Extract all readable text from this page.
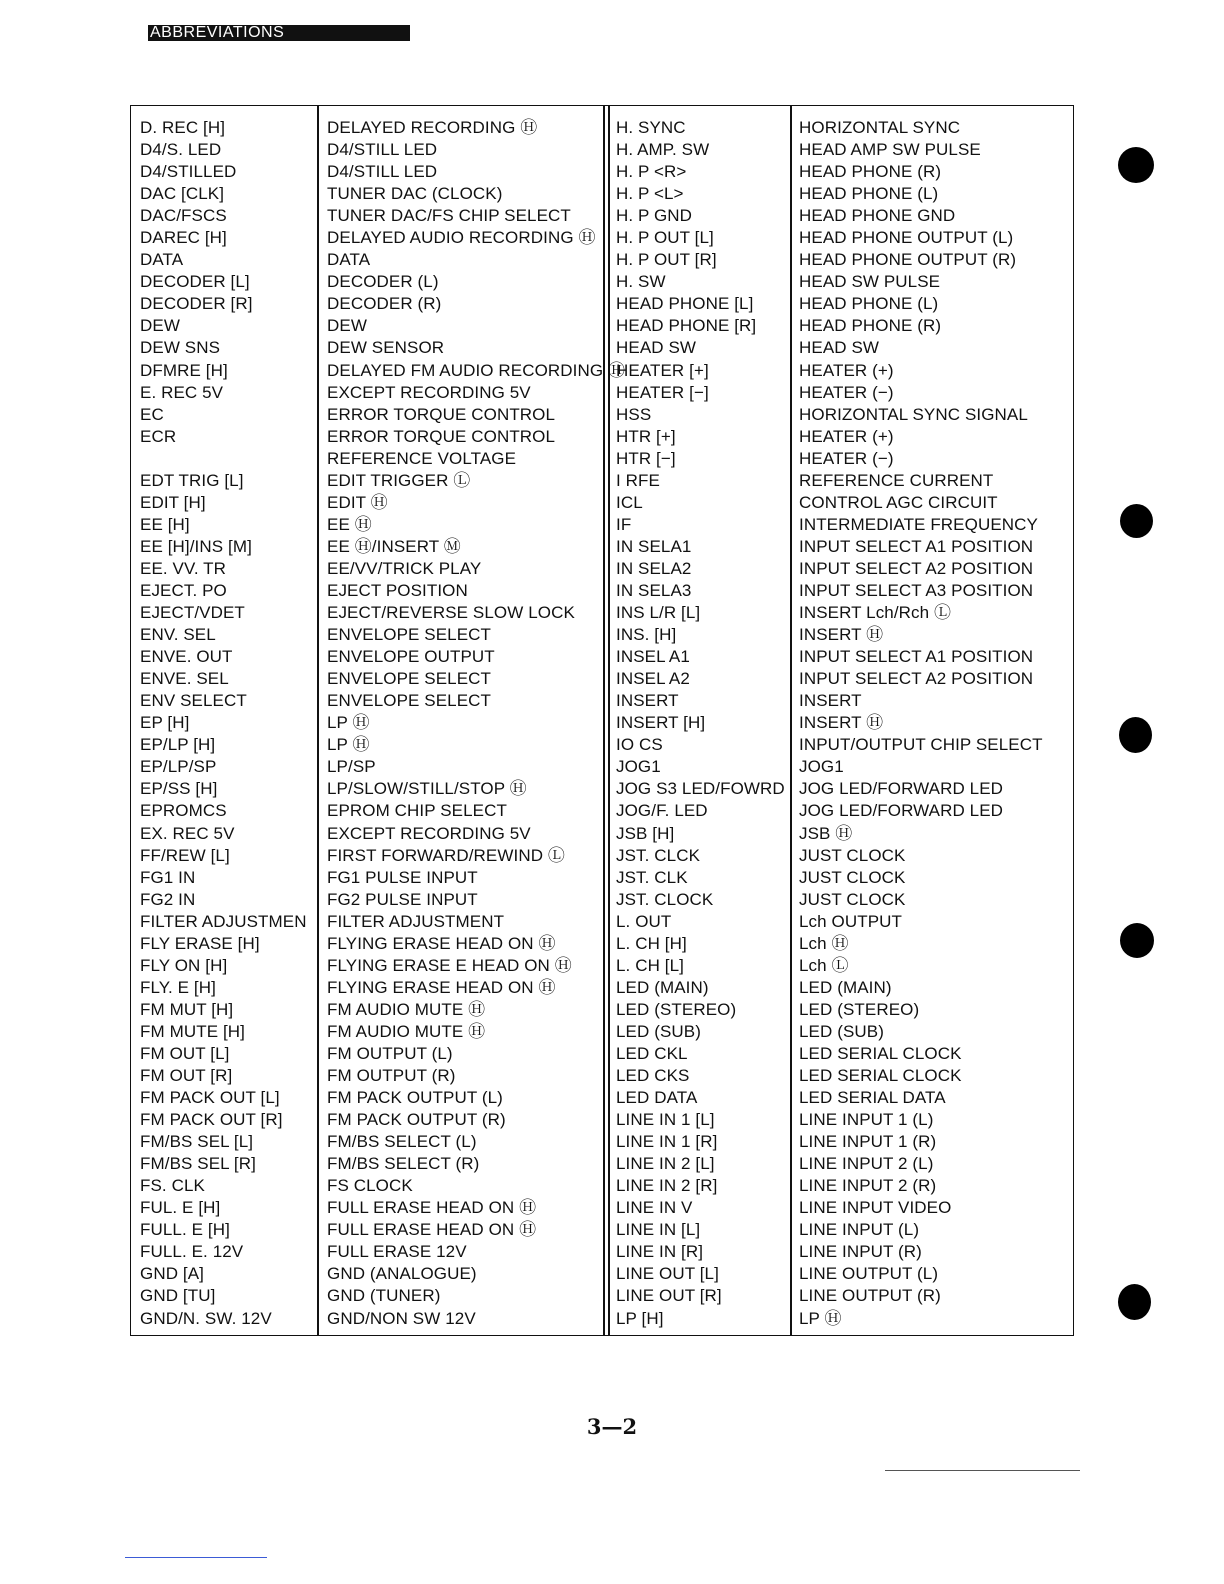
ABBREVIATIONS
D. REC [H]
D4/S. LED
D4/STILLED
DAC [CLK]
DAC/FSCS
DAREC [H]
DATA
DECODER [L]
DECODER [R]
DEW
DEW SNS
DFMRE [H]
E. REC 5V
EC
ECR
EDT TRIG [L]
EDIT [H]
EE [H]
EE [H]/INS [M]
EE. VV. TR
EJECT. PO
EJECT/VDET
ENV. SEL
ENVE. OUT
ENVE. SEL
ENV SELECT
EP [H]
EP/LP [H]
EP/LP/SP
EP/SS [H]
EPROMCS
EX. REC 5V
FF/REW [L]
FG1 IN
FG2 IN
FILTER ADJUSTMEN
FLY ERASE [H]
FLY ON [H]
FLY. E [H]
FM MUT [H]
FM MUTE [H]
FM OUT [L]
FM OUT [R]
FM PACK OUT [L]
FM PACK OUT [R]
FM/BS SEL [L]
FM/BS SEL [R]
FS. CLK
FUL. E [H]
FULL. E [H]
FULL. E. 12V
GND [A]
GND [TU]
GND/N. SW. 12V
DELAYED RECORDING Ⓗ
D4/STILL LED
D4/STILL LED
TUNER DAC (CLOCK)
TUNER DAC/FS CHIP SELECT
DELAYED AUDIO RECORDING Ⓗ
DATA
DECODER (L)
DECODER (R)
DEW
DEW SENSOR
DELAYED FM AUDIO RECORDING Ⓗ
EXCEPT RECORDING 5V
ERROR TORQUE CONTROL
ERROR TORQUE CONTROL
REFERENCE VOLTAGE
EDIT TRIGGER Ⓛ
EDIT Ⓗ
EE Ⓗ
EE Ⓗ/INSERT Ⓜ
EE/VV/TRICK PLAY
EJECT POSITION
EJECT/REVERSE SLOW LOCK
ENVELOPE SELECT
ENVELOPE OUTPUT
ENVELOPE SELECT
ENVELOPE SELECT
LP Ⓗ
LP Ⓗ
LP/SP
LP/SLOW/STILL/STOP Ⓗ
EPROM CHIP SELECT
EXCEPT RECORDING 5V
FIRST FORWARD/REWIND Ⓛ
FG1 PULSE INPUT
FG2 PULSE INPUT
FILTER ADJUSTMENT
FLYING ERASE HEAD ON Ⓗ
FLYING ERASE E HEAD ON Ⓗ
FLYING ERASE HEAD ON Ⓗ
FM AUDIO MUTE Ⓗ
FM AUDIO MUTE Ⓗ
FM OUTPUT (L)
FM OUTPUT (R)
FM PACK OUTPUT (L)
FM PACK OUTPUT (R)
FM/BS SELECT (L)
FM/BS SELECT (R)
FS CLOCK
FULL ERASE HEAD ON Ⓗ
FULL ERASE HEAD ON Ⓗ
FULL ERASE 12V
GND (ANALOGUE)
GND (TUNER)
GND/NON SW 12V
H. SYNC
H. AMP. SW
H. P <R>
H. P <L>
H. P GND
H. P OUT [L]
H. P OUT [R]
H. SW
HEAD PHONE [L]
HEAD PHONE [R]
HEAD SW
HEATER [+]
HEATER [−]
HSS
HTR [+]
HTR [−]
I RFE
ICL
IF
IN SELA1
IN SELA2
IN SELA3
INS L/R [L]
INS. [H]
INSEL A1
INSEL A2
INSERT
INSERT [H]
IO CS
JOG1
JOG S3 LED/FOWRD
JOG/F. LED
JSB [H]
JST. CLCK
JST. CLK
JST. CLOCK
L. OUT
L. CH [H]
L. CH [L]
LED (MAIN)
LED (STEREO)
LED (SUB)
LED CKL
LED CKS
LED DATA
LINE IN 1 [L]
LINE IN 1 [R]
LINE IN 2 [L]
LINE IN 2 [R]
LINE IN V
LINE IN [L]
LINE IN [R]
LINE OUT [L]
LINE OUT [R]
LP [H]
HORIZONTAL SYNC
HEAD AMP SW PULSE
HEAD PHONE (R)
HEAD PHONE (L)
HEAD PHONE GND
HEAD PHONE OUTPUT (L)
HEAD PHONE OUTPUT (R)
HEAD SW PULSE
HEAD PHONE (L)
HEAD PHONE (R)
HEAD SW
HEATER (+)
HEATER (−)
HORIZONTAL SYNC SIGNAL
HEATER (+)
HEATER (−)
REFERENCE CURRENT
CONTROL AGC CIRCUIT
INTERMEDIATE FREQUENCY
INPUT SELECT A1 POSITION
INPUT SELECT A2 POSITION
INPUT SELECT A3 POSITION
INSERT Lch/Rch Ⓛ
INSERT Ⓗ
INPUT SELECT A1 POSITION
INPUT SELECT A2 POSITION
INSERT
INSERT Ⓗ
INPUT/OUTPUT CHIP SELECT
JOG1
JOG LED/FORWARD LED
JOG LED/FORWARD LED
JSB Ⓗ
JUST CLOCK
JUST CLOCK
JUST CLOCK
Lch OUTPUT
Lch Ⓗ
Lch Ⓛ
LED (MAIN)
LED (STEREO)
LED (SUB)
LED SERIAL CLOCK
LED SERIAL CLOCK
LED SERIAL DATA
LINE INPUT 1 (L)
LINE INPUT 1 (R)
LINE INPUT 2 (L)
LINE INPUT 2 (R)
LINE INPUT VIDEO
LINE INPUT (L)
LINE INPUT (R)
LINE OUTPUT (L)
LINE OUTPUT (R)
LP Ⓗ
3—2
